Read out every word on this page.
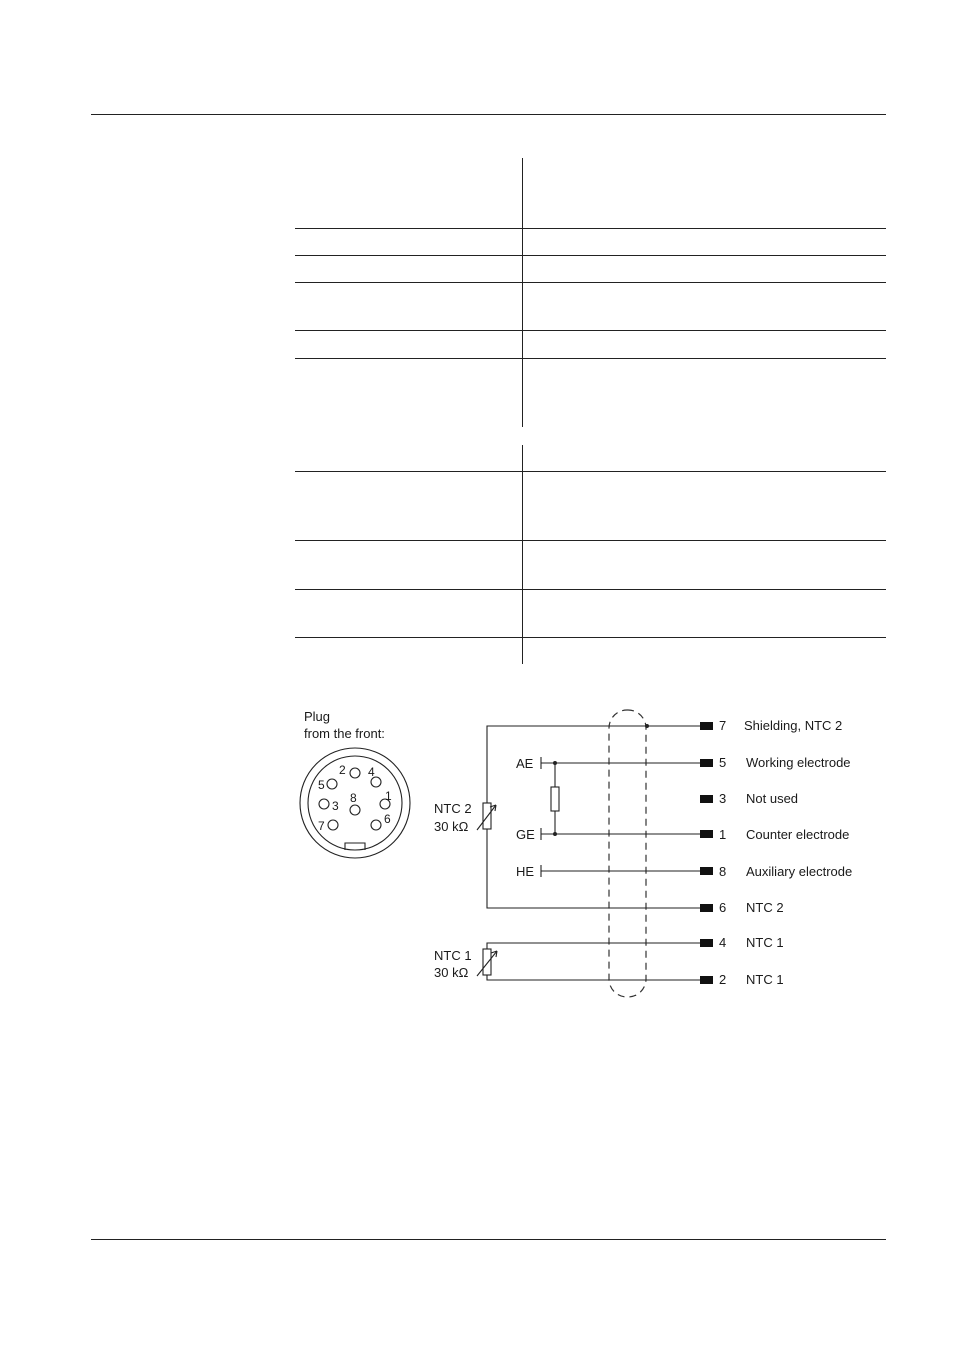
Plug
from the front:
1
2
3
4
5
6
7
8
NTC 2
30 kΩ
NTC 1
30 kΩ
AE
GE
HE
7 Shielding, NTC 2
5 Working electrode
3 Not used
1 Counter electrode
8 Auxiliary electrode
6 NTC 2
4 NTC 1
2 NTC 1
